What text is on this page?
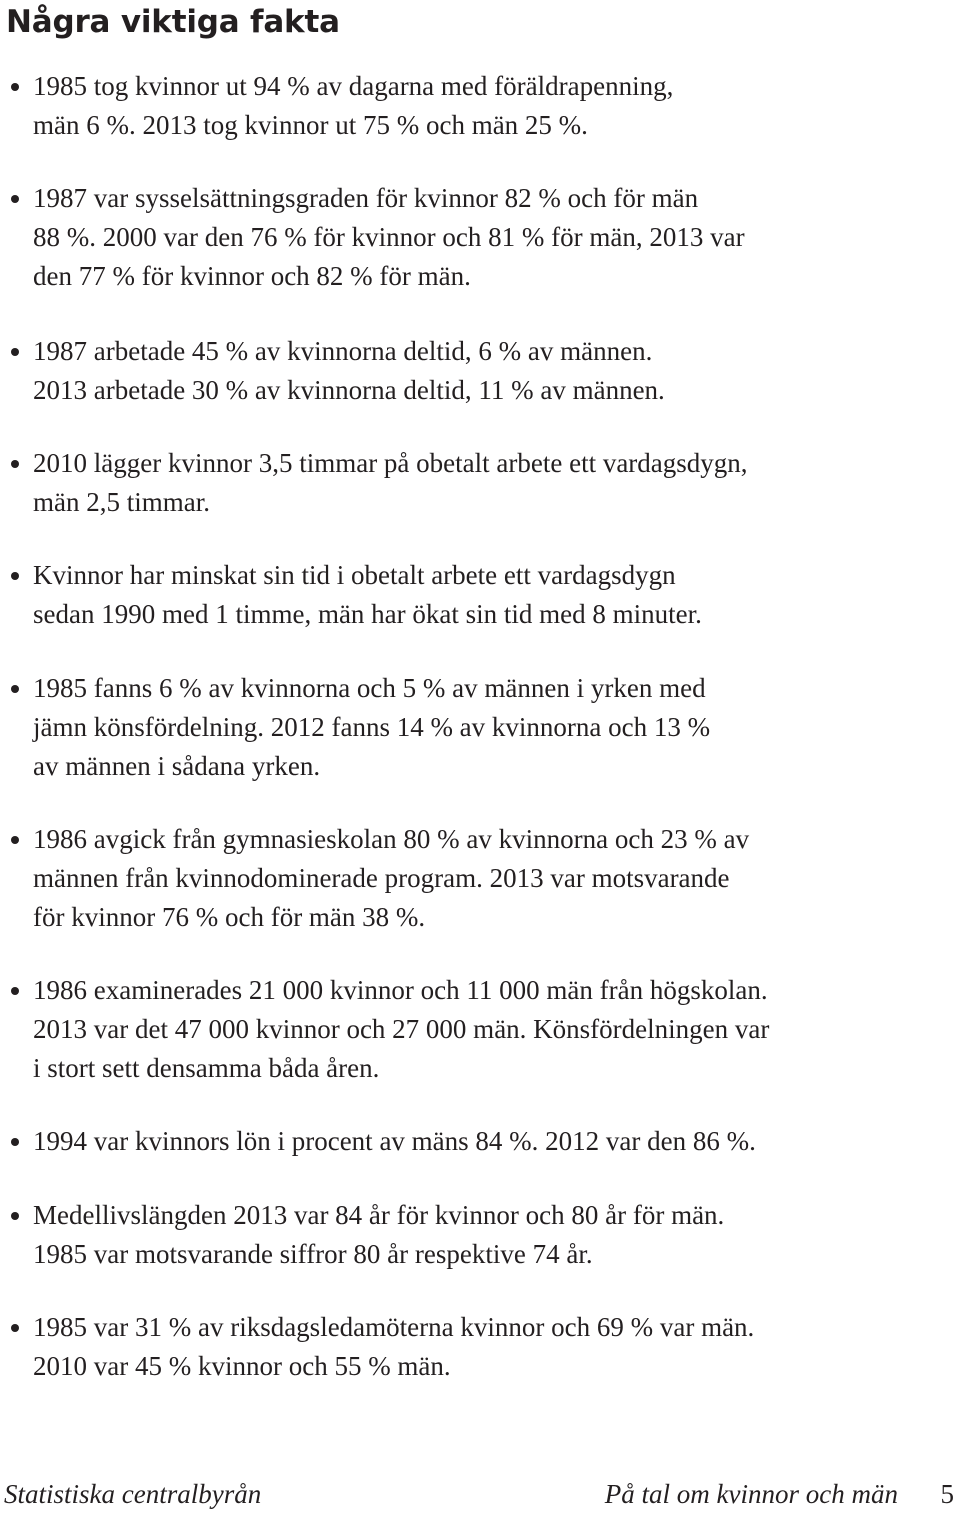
Några viktiga fakta
1985 tog kvinnor ut 94 % av dagarna med föräldrapenning,
män 6 %. 2013 tog kvinnor ut 75 % och män 25 %.
1987 var sysselsättningsgraden för kvinnor 82 % och för män
88 %. 2000 var den 76 % för kvinnor och 81 % för män, 2013 var
den 77 % för kvinnor och 82 % för män.
1987 arbetade 45 % av kvinnorna deltid, 6 % av männen.
2013 arbetade 30 % av kvinnorna deltid, 11 % av männen.
2010 lägger kvinnor 3,5 timmar på obetalt arbete ett vardagsdygn,
män 2,5 timmar.
Kvinnor har minskat sin tid i obetalt arbete ett vardagsdygn
sedan 1990 med 1 timme, män har ökat sin tid med 8 minuter.
1985 fanns 6 % av kvinnorna och 5 % av männen i yrken med
jämn könsfördelning. 2012 fanns 14 % av kvinnorna och 13 %
av männen i sådana yrken.
1986 avgick från gymnasieskolan 80 % av kvinnorna och 23 % av
männen från kvinnodominerade program. 2013 var motsvarande
för kvinnor 76 % och för män 38 %.
1986 examinerades 21 000 kvinnor och 11 000 män från högskolan.
2013 var det 47 000 kvinnor och 27 000 män. Könsfördelningen var
i stort sett densamma båda åren.
1994 var kvinnors lön i procent av mäns 84 %. 2012 var den 86 %.
Medellivslängden 2013 var 84 år för kvinnor och 80 år för män.
1985 var motsvarande siffror 80 år respektive 74 år.
1985 var 31 % av riksdagsledamöterna kvinnor och 69 % var män.
2010 var 45 % kvinnor och 55 % män.
Statistiska centralbyrån	På tal om kvinnor och män 5
